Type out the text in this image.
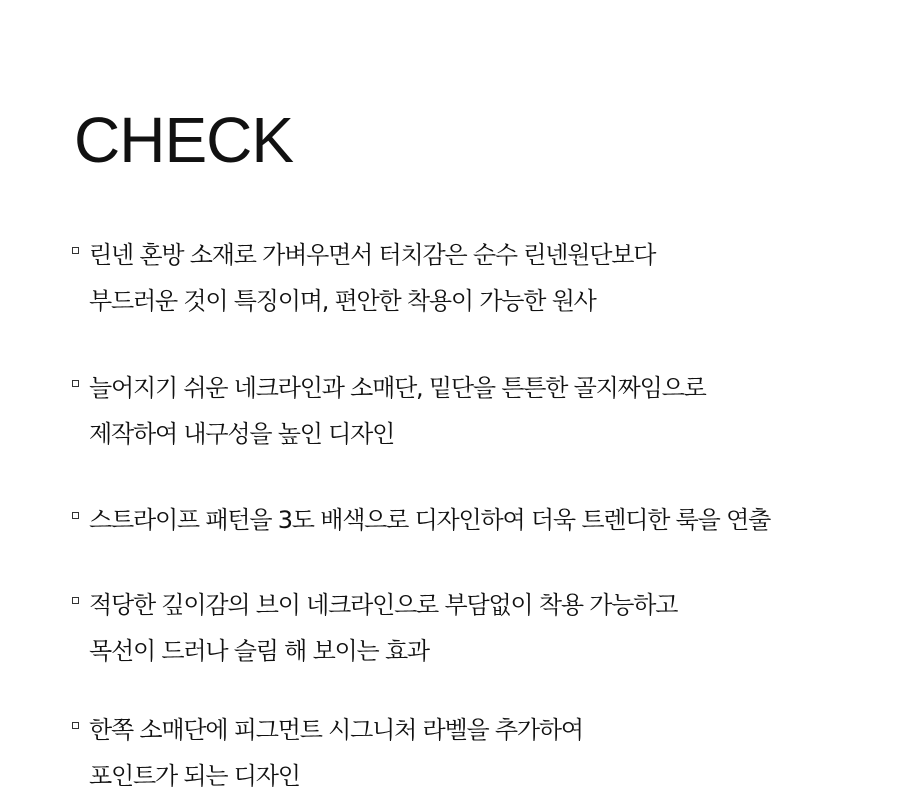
CHECK
린넨 혼방 소재로 가벼우면서 터치감은 순수 린넨원단보다
부드러운 것이 특징이며, 편안한 착용이 가능한 원사
늘어지기 쉬운 네크라인과 소매단, 밑단을 튼튼한 골지짜임으로
제작하여 내구성을 높인 디자인
스트라이프 패턴을 3도 배색으로 디자인하여 더욱 트렌디한 룩을 연출
적당한 깊이감의 브이 네크라인으로 부담없이 착용 가능하고
목선이 드러나 슬림 해 보이는 효과
한쪽 소매단에 피그먼트 시그니처 라벨을 추가하여
포인트가 되는 디자인
